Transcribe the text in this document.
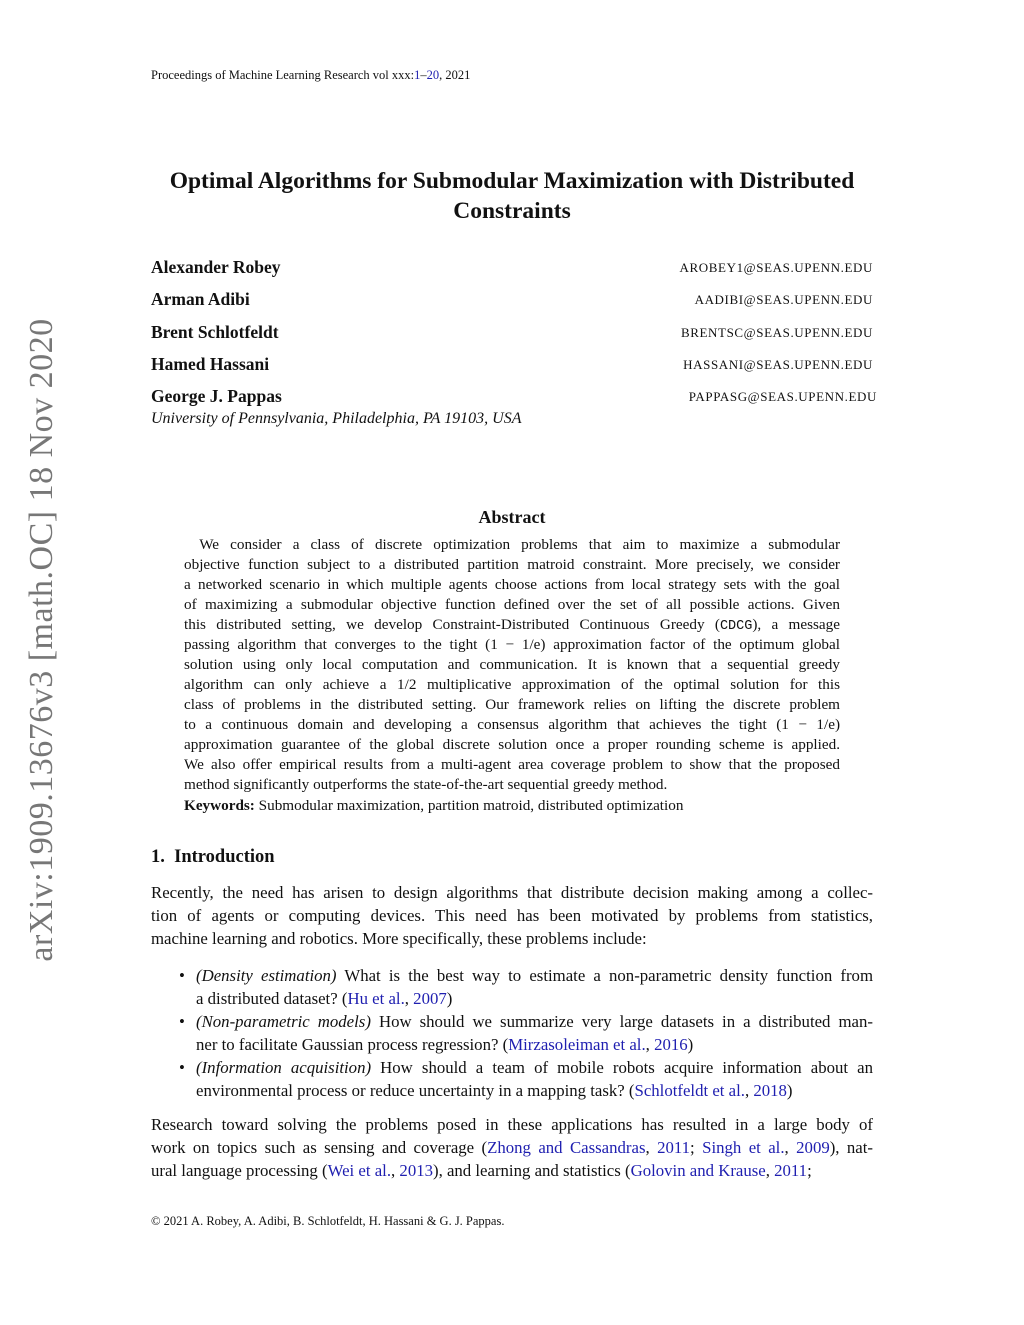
Proceedings of Machine Learning Research vol xxx:1–20, 2021
Optimal Algorithms for Submodular Maximization with Distributed
Constraints
Alexander Robey	AROBEY1@SEAS.UPENN.EDU
Arman Adibi	AADIBI@SEAS.UPENN.EDU
Brent Schlotfeldt	BRENTSC@SEAS.UPENN.EDU
Hamed Hassani	HASSANI@SEAS.UPENN.EDU
George J. Pappas	PAPPASG@SEAS.UPENN.EDU
University of Pennsylvania, Philadelphia, PA 19103, USA
arXiv:1909.13676v3 [math.OC] 18 Nov 2020	Abstract
 We consider a class of discrete optimization problems that aim to maximize a submodular
objective function subject to a distributed partition matroid constraint. More precisely, we consider
a networked scenario in which multiple agents choose actions from local strategy sets with the goal
of maximizing a submodular objective function defined over the set of all possible actions. Given
this distributed setting, we develop Constraint-Distributed Continuous Greedy (CDCG), a message
passing algorithm that converges to the tight (1 − 1/e) approximation factor of the optimum global
solution using only local computation and communication. It is known that a sequential greedy
algorithm can only achieve a 1/2 multiplicative approximation of the optimal solution for this
class of problems in the distributed setting. Our framework relies on lifting the discrete problem
to a continuous domain and developing a consensus algorithm that achieves the tight (1 − 1/e)
approximation guarantee of the global discrete solution once a proper rounding scheme is applied.
We also offer empirical results from a multi-agent area coverage problem to show that the proposed
method significantly outperforms the state-of-the-art sequential greedy method.
Keywords: Submodular maximization, partition matroid, distributed optimization
1. Introduction
Recently, the need has arisen to design algorithms that distribute decision making among a collec-
tion of agents or computing devices. This need has been motivated by problems from statistics,
machine learning and robotics. More specifically, these problems include:
• (Density estimation) What is the best way to estimate a non-parametric density function from
a distributed dataset? (Hu et al., 2007)
• (Non-parametric models) How should we summarize very large datasets in a distributed man-
ner to facilitate Gaussian process regression? (Mirzasoleiman et al., 2016)
• (Information acquisition) How should a team of mobile robots acquire information about an
environmental process or reduce uncertainty in a mapping task? (Schlotfeldt et al., 2018)
Research toward solving the problems posed in these applications has resulted in a large body of
work on topics such as sensing and coverage (Zhong and Cassandras, 2011; Singh et al., 2009), nat-
ural language processing (Wei et al., 2013), and learning and statistics (Golovin and Krause, 2011;
© 2021 A. Robey, A. Adibi, B. Schlotfeldt, H. Hassani & G. J. Pappas.
